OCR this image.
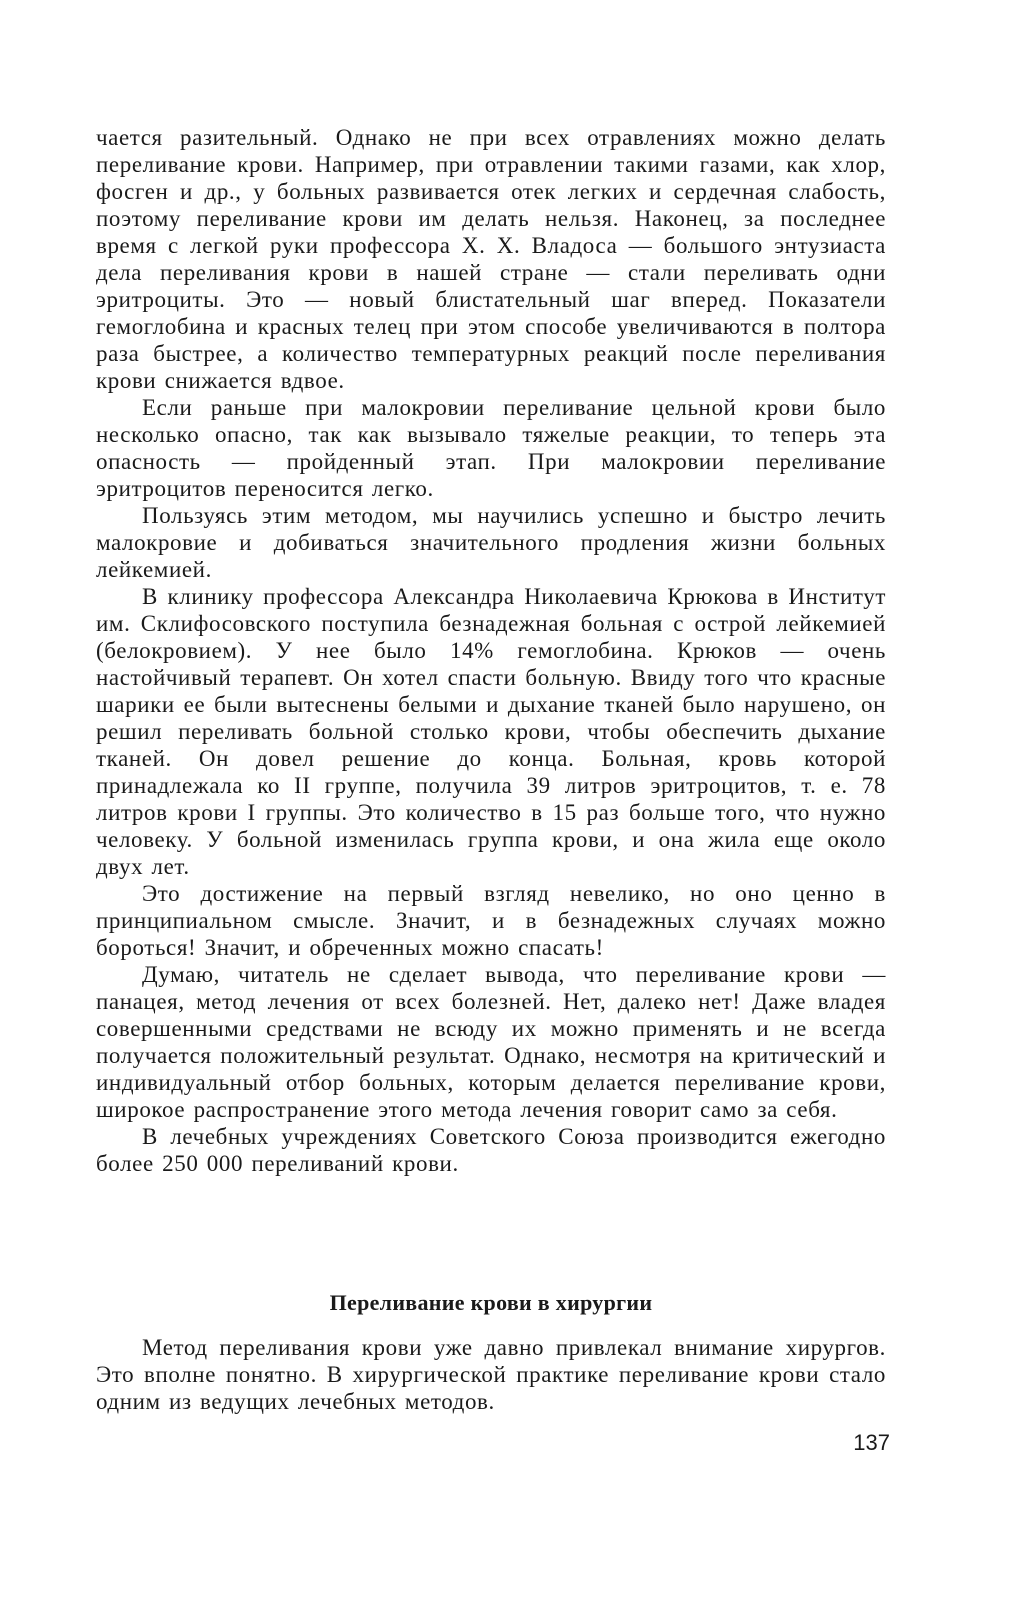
чается разительный. Однако не при всех отравлениях можно делать переливание крови. Например, при отравлении такими газами, как хлор, фосген и др., у больных развивается отек легких и сердечная слабость, поэтому переливание крови им делать нельзя. Наконец, за последнее время с легкой руки профессора X. X. Владоса — большого энтузиаста дела переливания крови в нашей стране — стали переливать одни эритроциты. Это — новый блистательный шаг вперед. Показатели гемоглобина и красных телец при этом способе увеличиваются в полтора раза быстрее, а количество температурных реакций после переливания крови снижается вдвое.

Если раньше при малокровии переливание цельной крови было несколько опасно, так как вызывало тяжелые реакции, то теперь эта опасность — пройденный этап. При малокровии переливание эритроцитов переносится легко.

Пользуясь этим методом, мы научились успешно и быстро лечить малокровие и добиваться значительного продления жизни больных лейкемией.

В клинику профессора Александра Николаевича Крюкова в Институт им. Склифосовского поступила безнадежная больная с острой лейкемией (белокровием). У нее было 14% гемоглобина. Крюков — очень настойчивый терапевт. Он хотел спасти больную. Ввиду того что красные шарики ее были вытеснены белыми и дыхание тканей было нарушено, он решил переливать больной столько крови, чтобы обеспечить дыхание тканей. Он довел решение до конца. Больная, кровь которой принадлежала ко II группе, получила 39 литров эритроцитов, т. е. 78 литров крови I группы. Это количество в 15 раз больше того, что нужно человеку. У больной изменилась группа крови, и она жила еще около двух лет.

Это достижение на первый взгляд невелико, но оно ценно в принципиальном смысле. Значит, и в безнадежных случаях можно бороться! Значит, и обреченных можно спасать!

Думаю, читатель не сделает вывода, что переливание крови — панацея, метод лечения от всех болезней. Нет, далеко нет! Даже владея совершенными средствами не всюду их можно применять и не всегда получается положительный результат. Однако, несмотря на критический и индивидуальный отбор больных, которым делается переливание крови, широкое распространение этого метода лечения говорит само за себя.

В лечебных учреждениях Советского Союза производится ежегодно более 250 000 переливаний крови.

Переливание крови в хирургии

Метод переливания крови уже давно привлекал внимание хирургов. Это вполне понятно. В хирургической практике переливание крови стало одним из ведущих лечебных методов.

137
